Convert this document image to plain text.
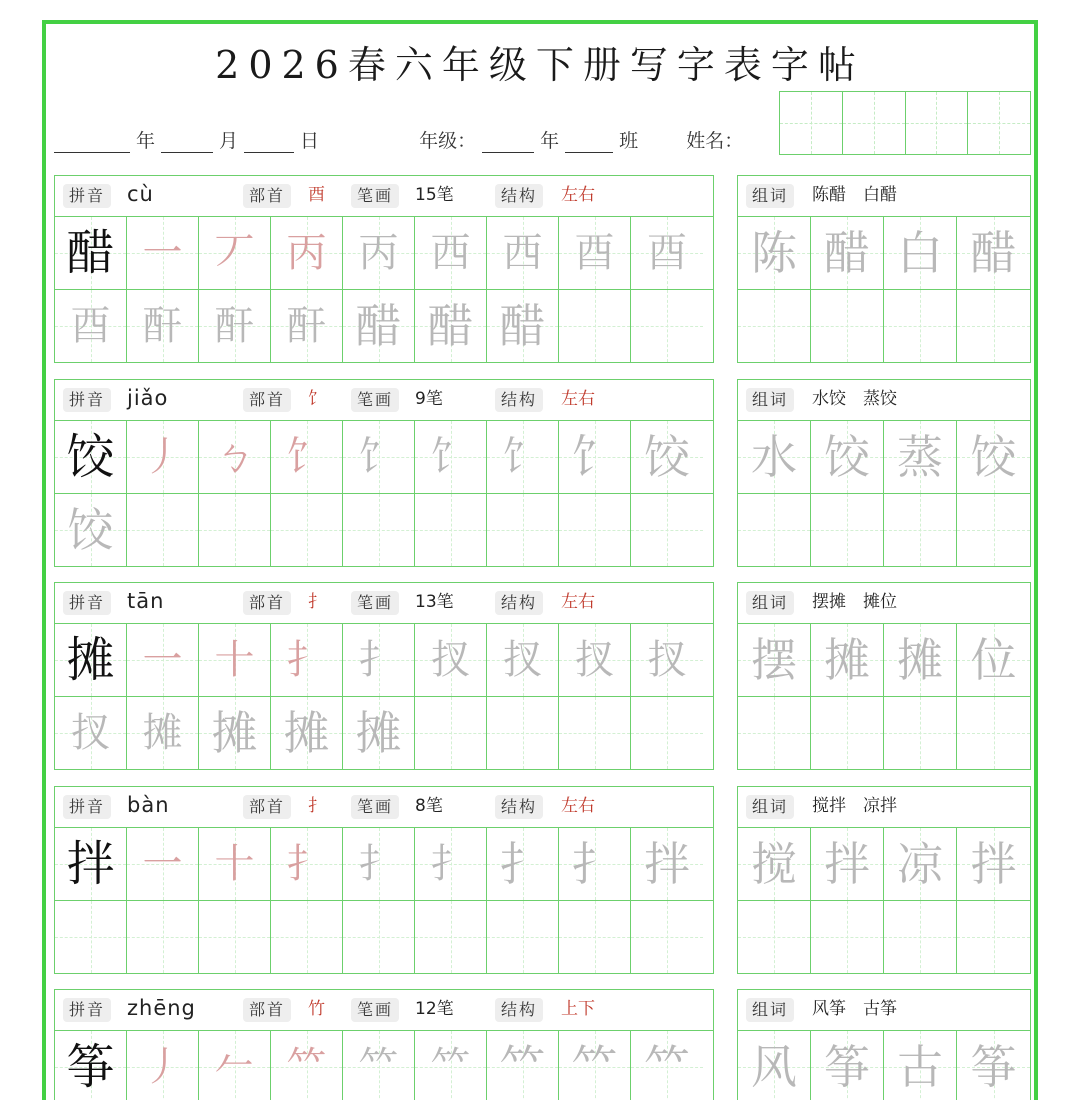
2026春六年级下册写字表字帖
年	月	日	年级：	年	班	姓名：
拼音 cù	部首	酉	笔画	15笔	结构	左右
醋 一 丆 丙 丙 西 西 酉 酉
酉 酐 酐 酐 醋 醋 醋
组词	陈醋　白醋
陈 醋 白 醋
拼音 jiǎo	部首	饣	笔画	9笔	结构	左右
饺 丿 ㄅ 饣 饣 饣 饣 饣 饺
饺
组词	水饺　蒸饺
水 饺 蒸 饺
拼音 tān	部首	扌	笔画	13笔	结构	左右
摊 一 十 扌 扌 扠 扠 扠 扠
扠 摊 摊 摊 摊
组词	摆摊　摊位
摆 摊 摊 位
拼音 bàn	部首	扌	笔画	8笔	结构	左右
拌 一 十 扌 扌 扌 扌 扌 拌
组词	搅拌　凉拌
搅 拌 凉 拌
拼音 zhēng	部首	竹	笔画	12笔	结构	上下
筝 丿 𠂉 𥫗 𥫗 𥫗 𥫗 𥫗 𥫗
组词	风筝　古筝
风 筝 古 筝
